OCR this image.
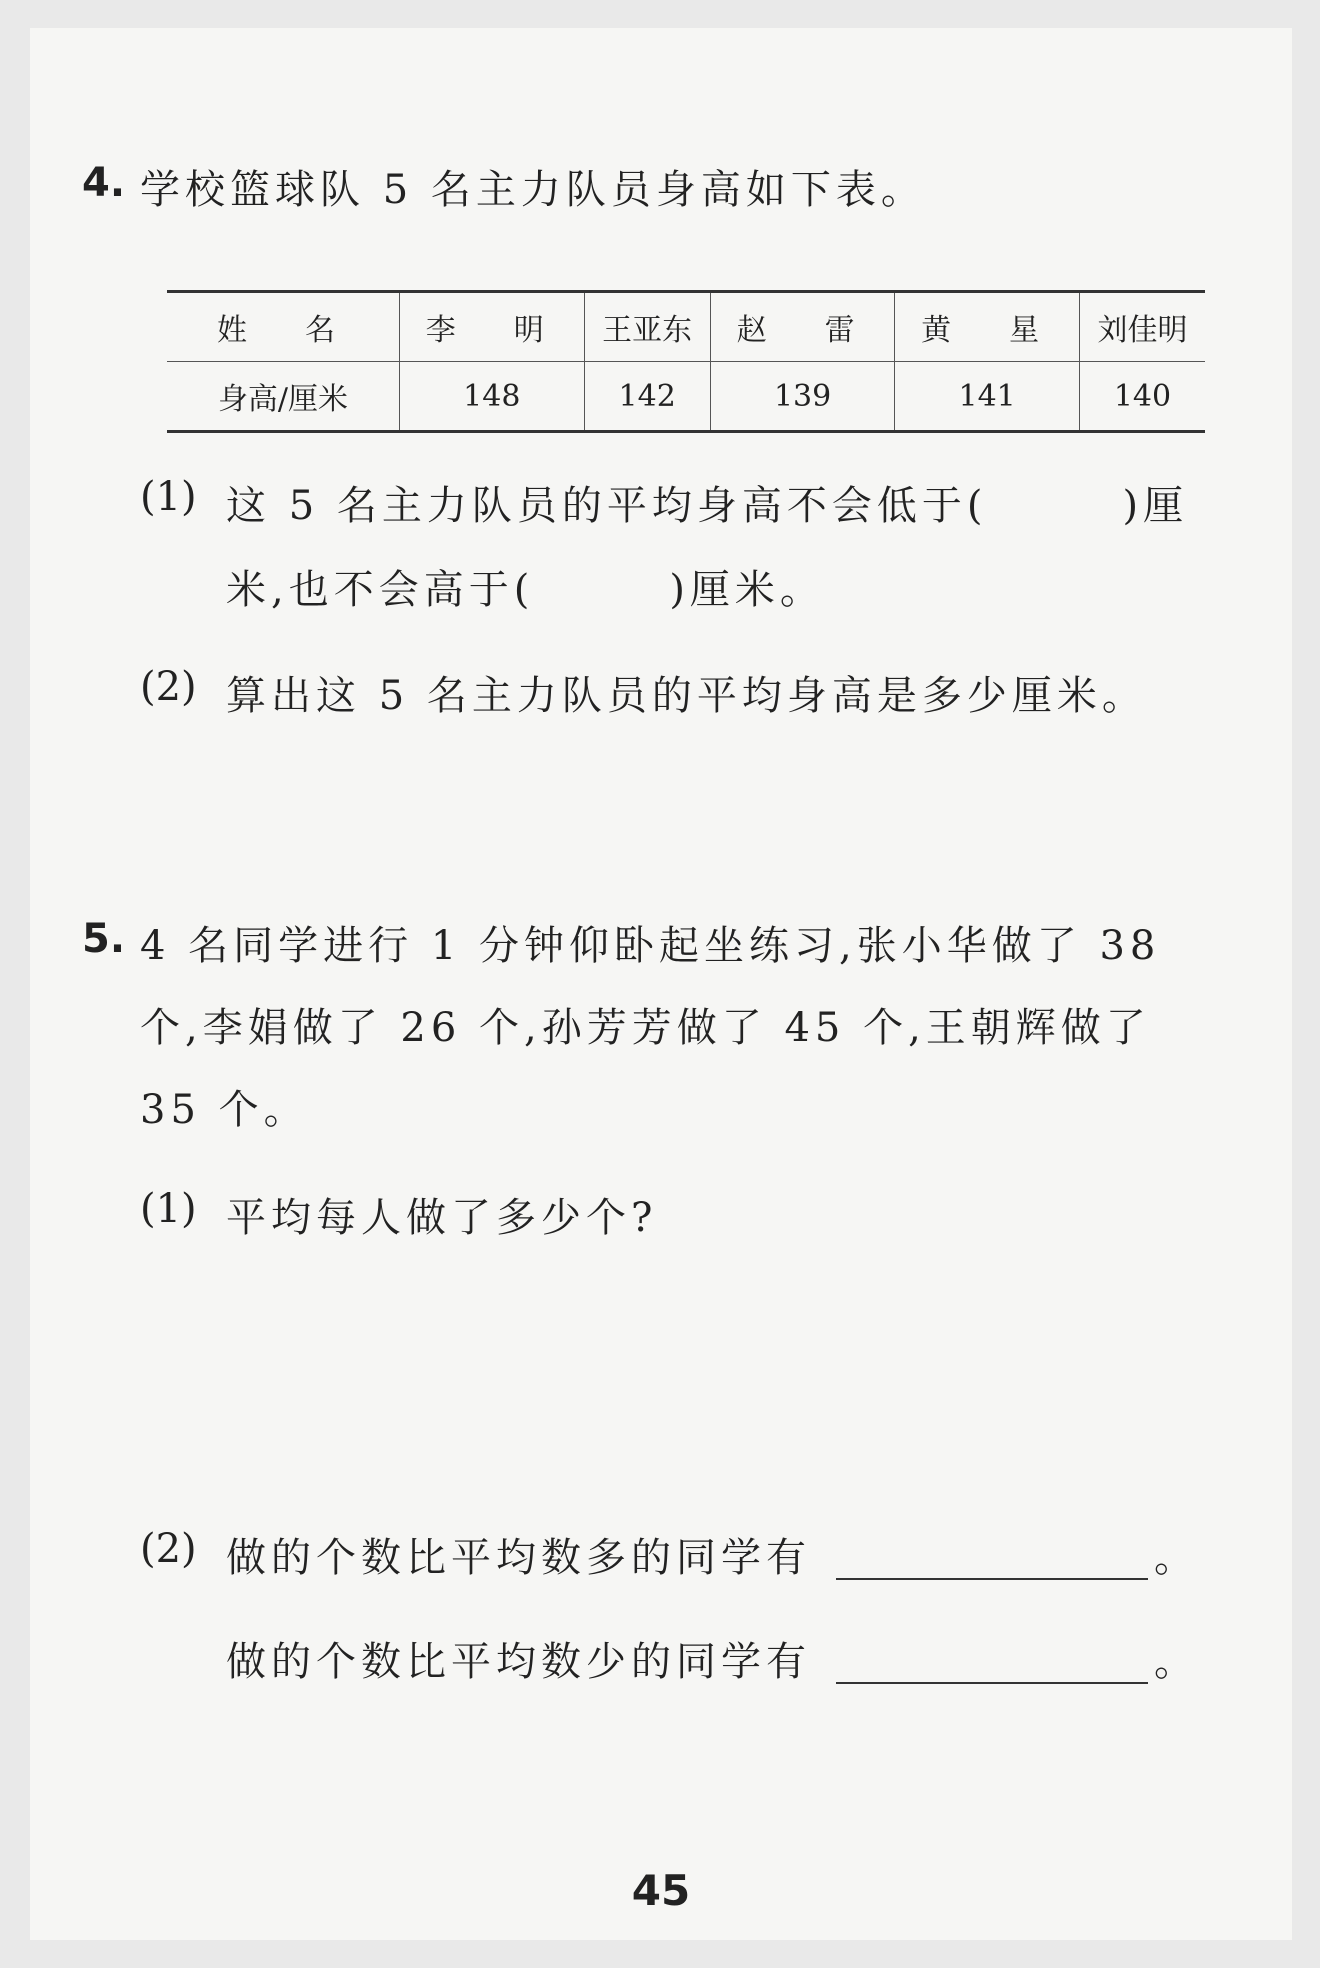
4. 学校篮球队 5 名主力队员身高如下表。
姓　名	李　明	王亚东	赵　雷	黄　星	刘佳明
身高/厘米	148	142	139	141	140
(1) 这 5 名主力队员的平均身高不会低于(　　　)厘
米,也不会高于(　　　)厘米。
(2) 算出这 5 名主力队员的平均身高是多少厘米。
5. 4 名同学进行 1 分钟仰卧起坐练习,张小华做了 38
个,李娟做了 26 个,孙芳芳做了 45 个,王朝辉做了
35 个。
(1) 平均每人做了多少个?
(2) 做的个数比平均数多的同学有	。
做的个数比平均数少的同学有	。
45
